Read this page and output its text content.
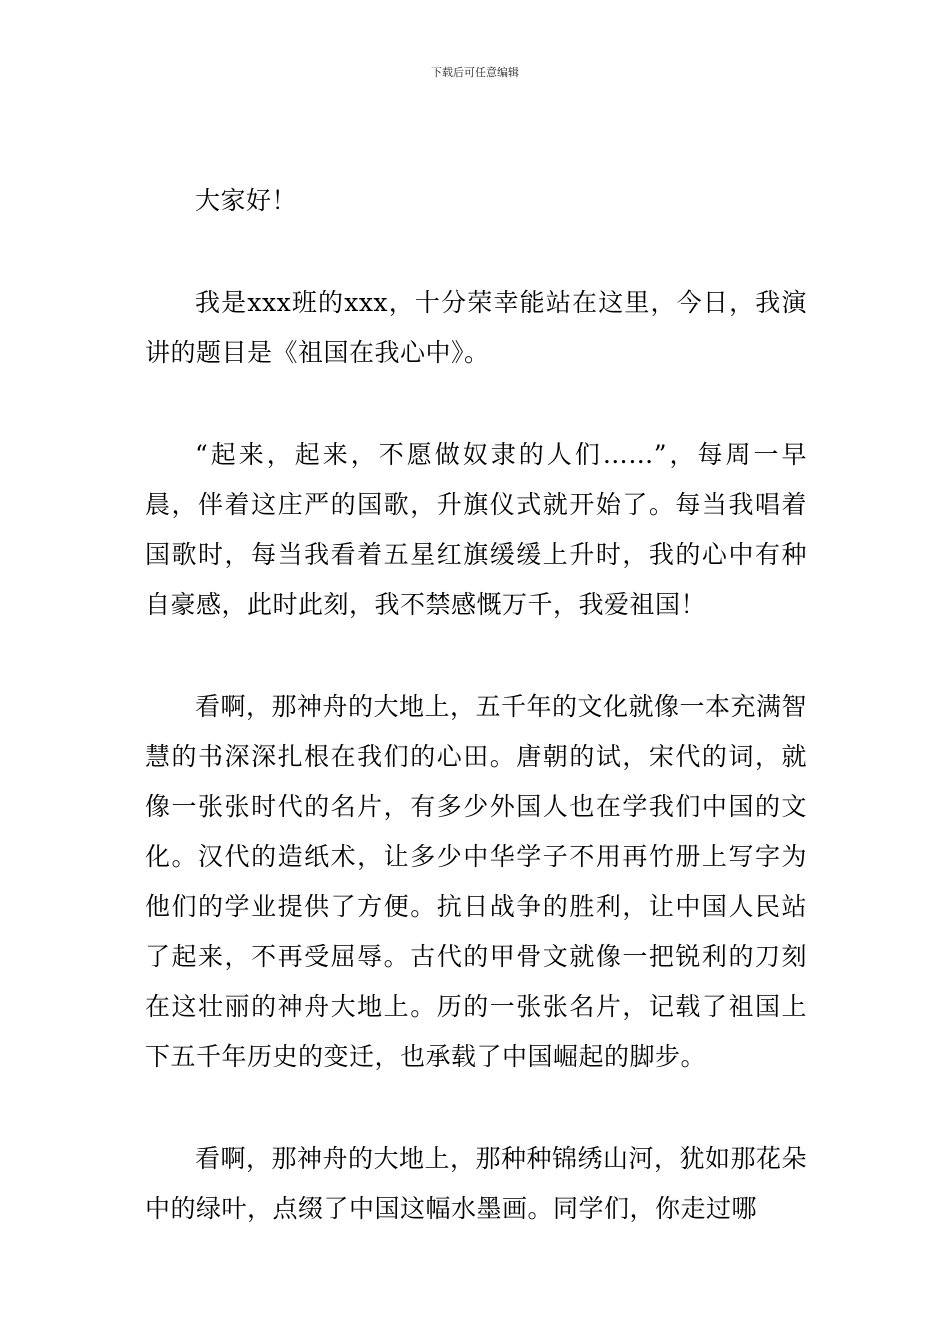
下载后可任意编辑

大家好！

我是xxx班的xxx，十分荣幸能站在这里，今日，我演讲的题目是《祖国在我心中》。

“起来，起来，不愿做奴隶的人们……”，每周一早晨，伴着这庄严的国歌，升旗仪式就开始了。每当我唱着国歌时，每当我看着五星红旗缓缓上升时，我的心中有种自豪感，此时此刻，我不禁感慨万千，我爱祖国！

看啊，那神舟的大地上，五千年的文化就像一本充满智慧的书深深扎根在我们的心田。唐朝的试，宋代的词，就像一张张时代的名片，有多少外国人也在学我们中国的文化。汉代的造纸术，让多少中华学子不用再竹册上写字为他们的学业提供了方便。抗日战争的胜利，让中国人民站了起来，不再受屈辱。古代的甲骨文就像一把锐利的刀刻在这壮丽的神舟大地上。历的一张张名片，记载了祖国上下五千年历史的变迁，也承载了中国崛起的脚步。

看啊，那神舟的大地上，那种种锦绣山河，犹如那花朵中的绿叶，点缀了中国这幅水墨画。同学们，你走过哪
